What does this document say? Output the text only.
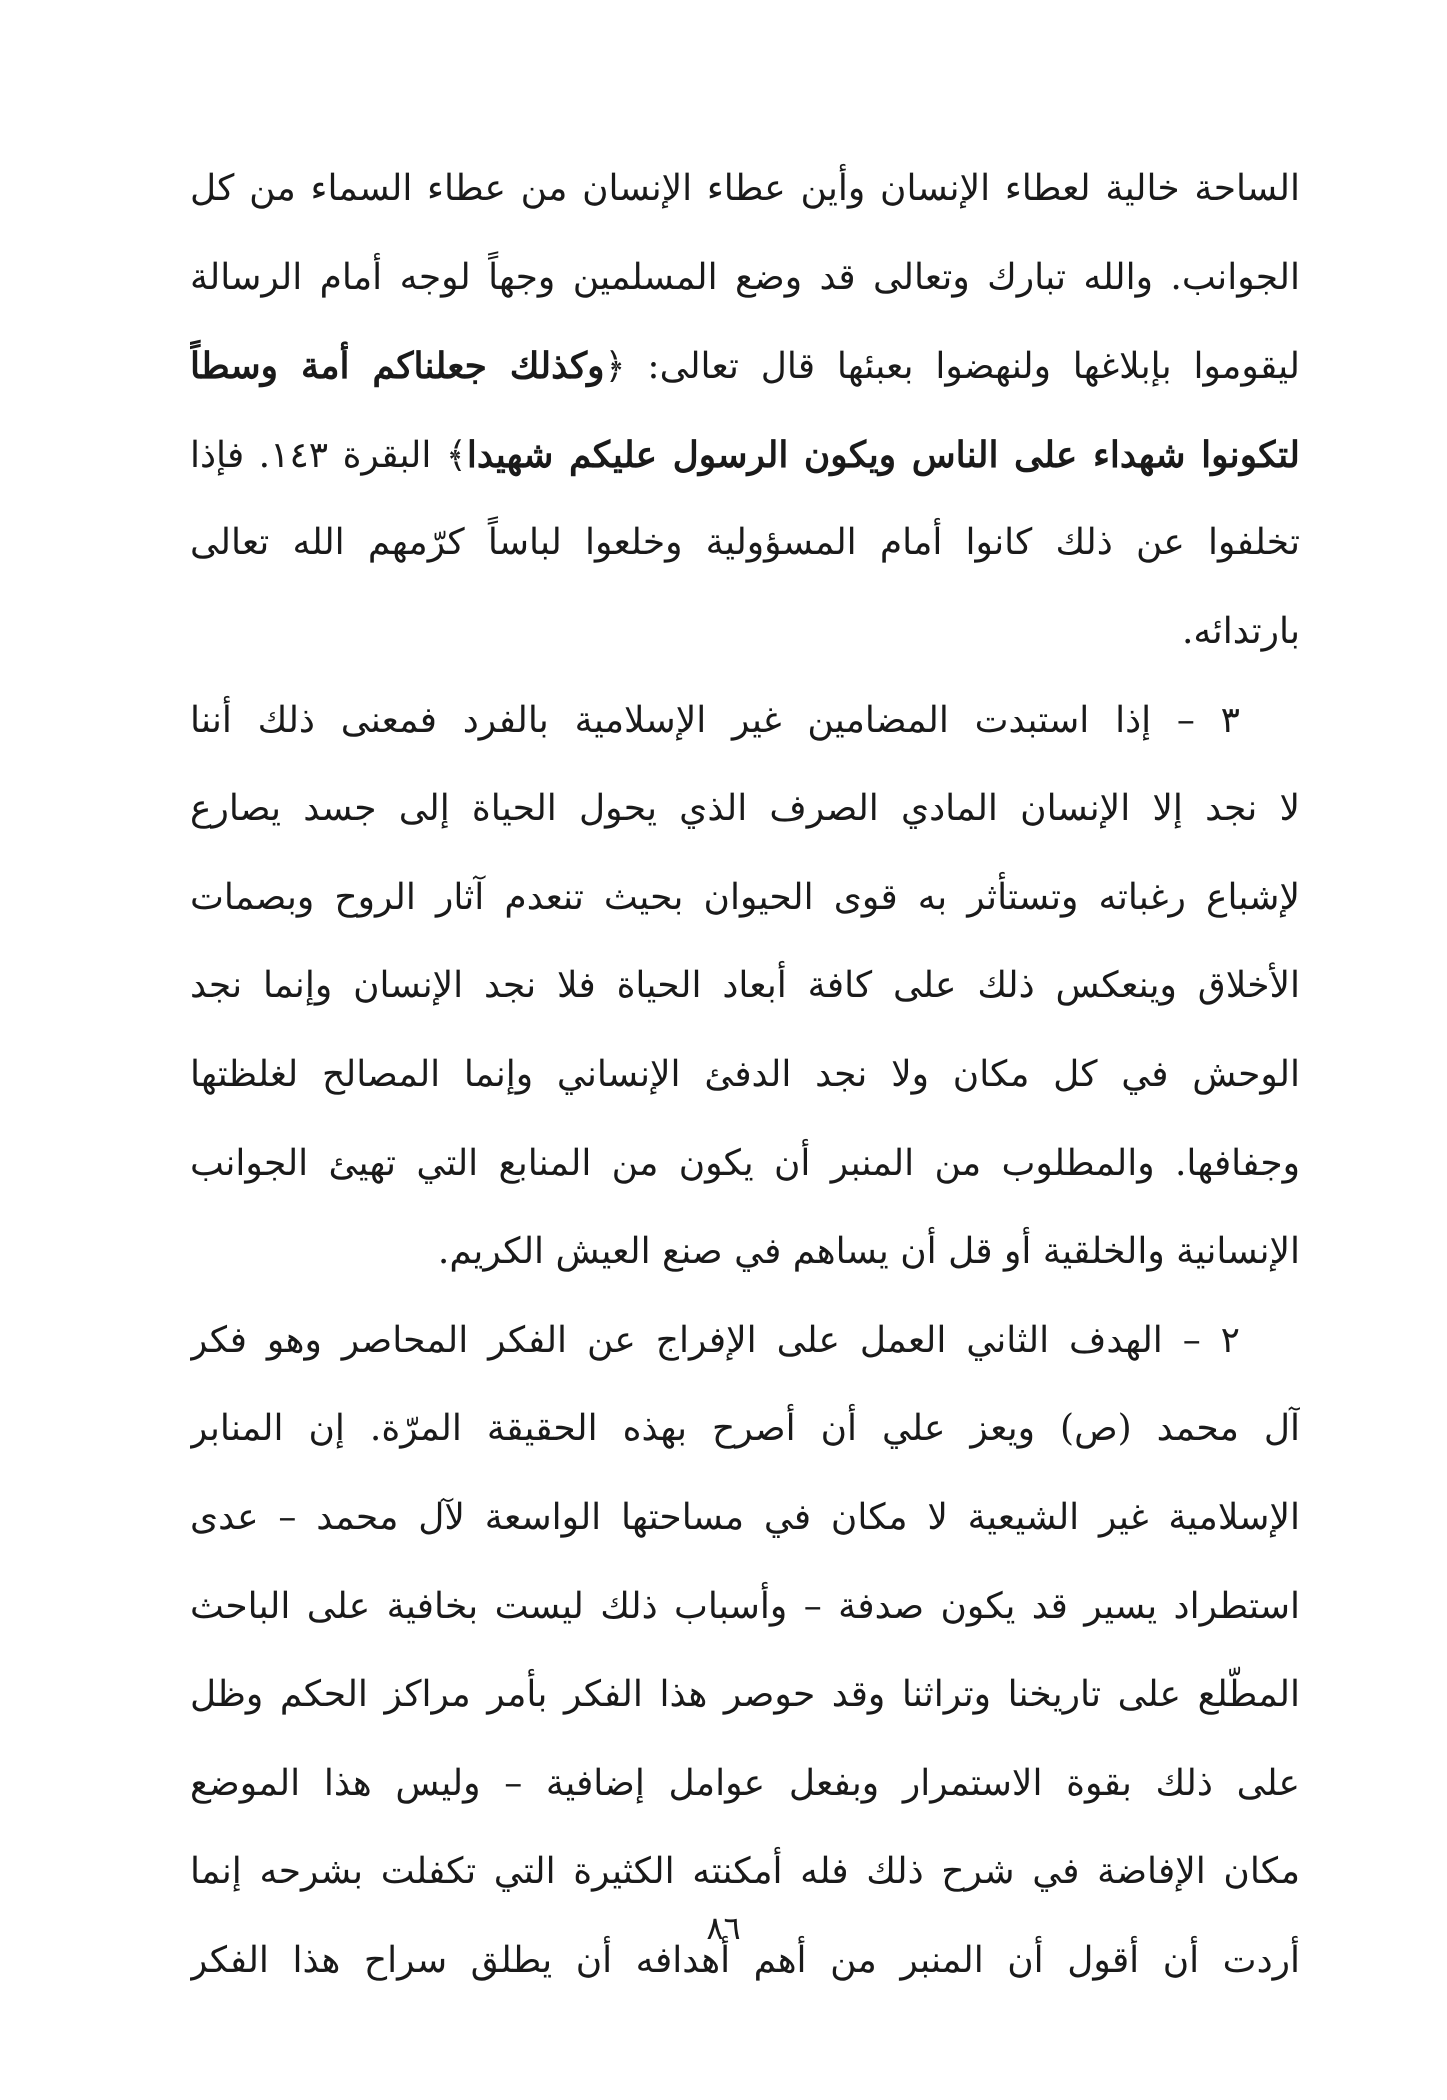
الساحة خالية لعطاء الإنسان وأين عطاء الإنسان من عطاء السماء من كل
الجوانب. والله تبارك وتعالى قد وضع المسلمين وجهاً لوجه أمام الرسالة
ليقوموا بإبلاغها ولنهضوا بعبئها قال تعالى: ﴿وكذلك جعلناكم أمة وسطاً
لتكونوا شهداء على الناس ويكون الرسول عليكم شهيدا﴾ البقرة ١٤٣. فإذا
تخلفوا عن ذلك كانوا أمام المسؤولية وخلعوا لباساً كرّمهم الله تعالى
بارتدائه.
٣ – إذا استبدت المضامين غير الإسلامية بالفرد فمعنى ذلك أننا
لا نجد إلا الإنسان المادي الصرف الذي يحول الحياة إلى جسد يصارع
لإشباع رغباته وتستأثر به قوى الحيوان بحيث تنعدم آثار الروح وبصمات
الأخلاق وينعكس ذلك على كافة أبعاد الحياة فلا نجد الإنسان وإنما نجد
الوحش في كل مكان ولا نجد الدفئ الإنساني وإنما المصالح لغلظتها
وجفافها. والمطلوب من المنبر أن يكون من المنابع التي تهيئ الجوانب
الإنسانية والخلقية أو قل أن يساهم في صنع العيش الكريم.
٢ – الهدف الثاني العمل على الإفراج عن الفكر المحاصر وهو فكر
آل محمد (ص) ويعز علي أن أصرح بهذه الحقيقة المرّة. إن المنابر
الإسلامية غير الشيعية لا مكان في مساحتها الواسعة لآل محمد – عدى
استطراد يسير قد يكون صدفة – وأسباب ذلك ليست بخافية على الباحث
المطّلع على تاريخنا وتراثنا وقد حوصر هذا الفكر بأمر مراكز الحكم وظل
على ذلك بقوة الاستمرار وبفعل عوامل إضافية – وليس هذا الموضع
مكان الإفاضة في شرح ذلك فله أمكنته الكثيرة التي تكفلت بشرحه إنما
أردت أن أقول أن المنبر من أهم أهدافه أن يطلق سراح هذا الفكر
٨٦
